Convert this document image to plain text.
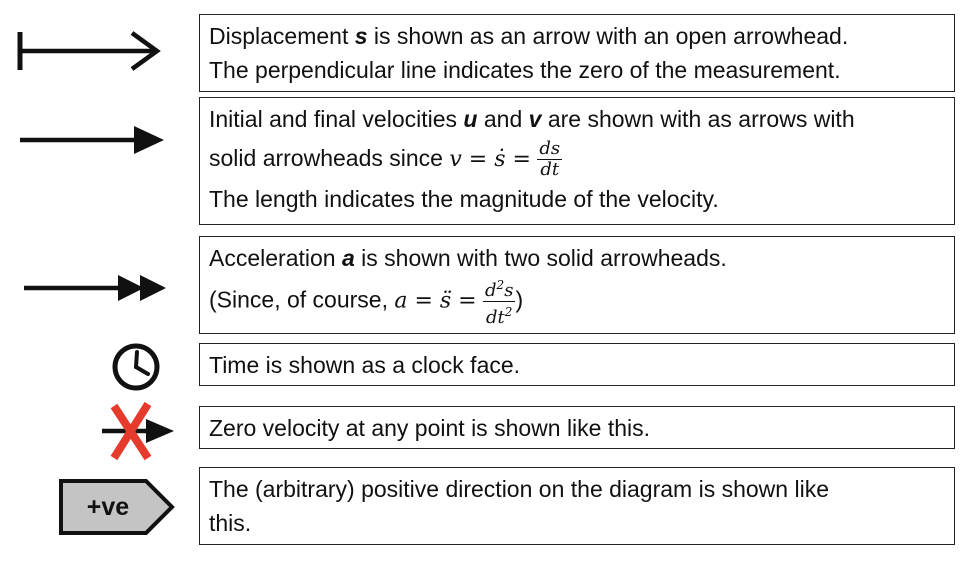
Displacement s is shown as an arrow with an open arrowhead.
The perpendicular line indicates the zero of the measurement.
Initial and final velocities u and v are shown with as arrows with
solid arrowheads since v = ṡ = $\frac{ds}{dt}$
The length indicates the magnitude of the velocity.
Acceleration a is shown with two solid arrowheads.
(Since, of course, a = s̈ = $\frac{d^2s}{dt^2}$ )
Time is shown as a clock face.
Zero velocity at any point is shown like this.
+ve
The (arbitrary) positive direction on the diagram is shown like
this.
